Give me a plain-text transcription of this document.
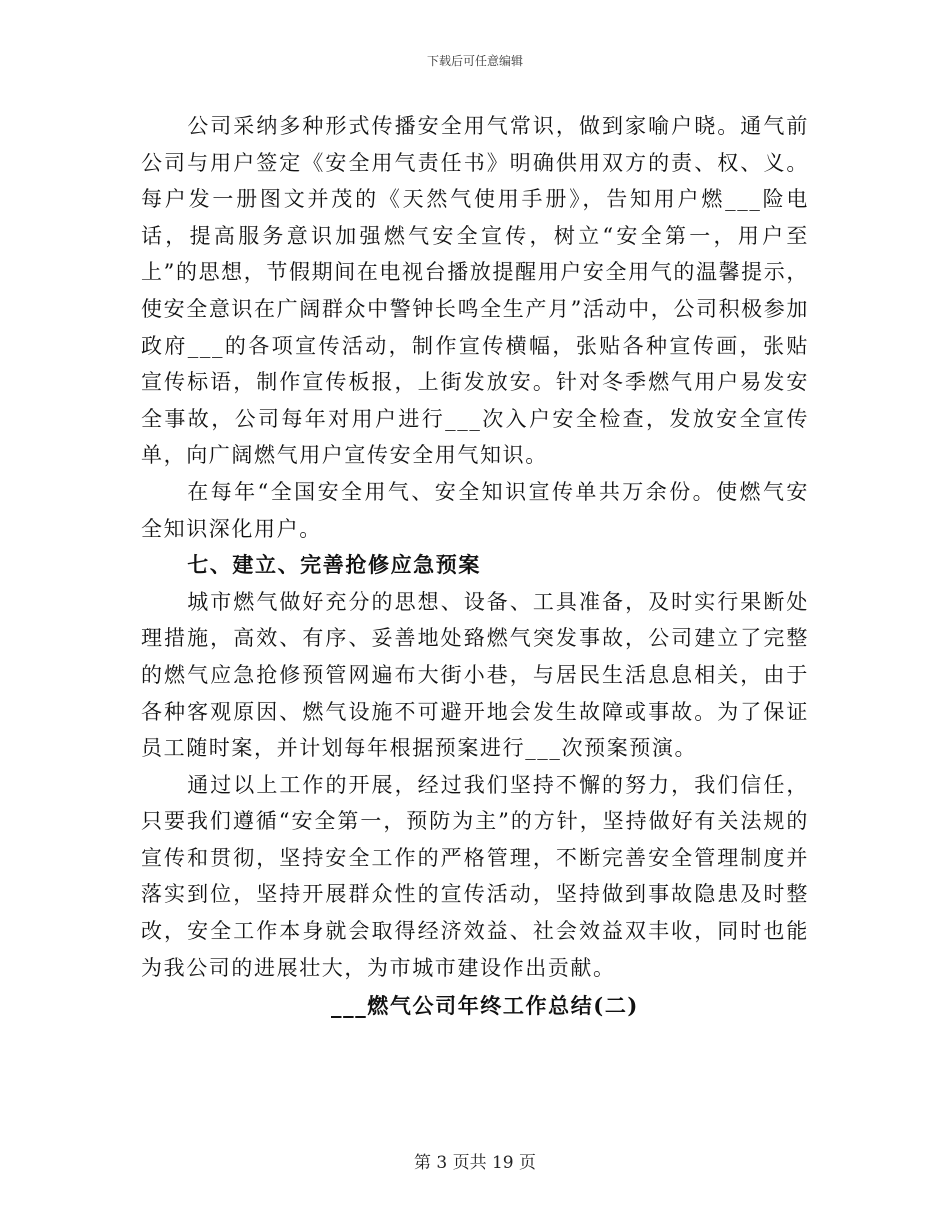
下载后可任意编辑

公司采纳多种形式传播安全用气常识，做到家喻户晓。通气前公司与用户签定《安全用气责任书》明确供用双方的责、权、义。每户发一册图文并茂的《天然气使用手册》，告知用户燃___险电话，提高服务意识加强燃气安全宣传，树立“安全第一，用户至上”的思想，节假期间在电视台播放提醒用户安全用气的温馨提示，使安全意识在广阔群众中警钟长鸣全生产月”活动中，公司积极参加政府___的各项宣传活动，制作宣传横幅，张贴各种宣传画，张贴宣传标语，制作宣传板报，上街发放安。针对冬季燃气用户易发安全事故，公司每年对用户进行___次入户安全检查，发放安全宣传单，向广阔燃气用户宣传安全用气知识。

在每年“全国安全用气、安全知识宣传单共万余份。使燃气安全知识深化用户。

七、建立、完善抢修应急预案

城市燃气做好充分的思想、设备、工具准备，及时实行果断处理措施，高效、有序、妥善地处臵燃气突发事故，公司建立了完整的燃气应急抢修预管网遍布大街小巷，与居民生活息息相关，由于各种客观原因、燃气设施不可避开地会发生故障或事故。为了保证员工随时案，并计划每年根据预案进行___次预案预演。

通过以上工作的开展，经过我们坚持不懈的努力，我们信任，只要我们遵循“安全第一，预防为主”的方针，坚持做好有关法规的宣传和贯彻，坚持安全工作的严格管理，不断完善安全管理制度并落实到位，坚持开展群众性的宣传活动，坚持做到事故隐患及时整改，安全工作本身就会取得经济效益、社会效益双丰收，同时也能为我公司的进展壮大，为市城市建设作出贡献。

___燃气公司年终工作总结(二)
第 3 页共 19 页
